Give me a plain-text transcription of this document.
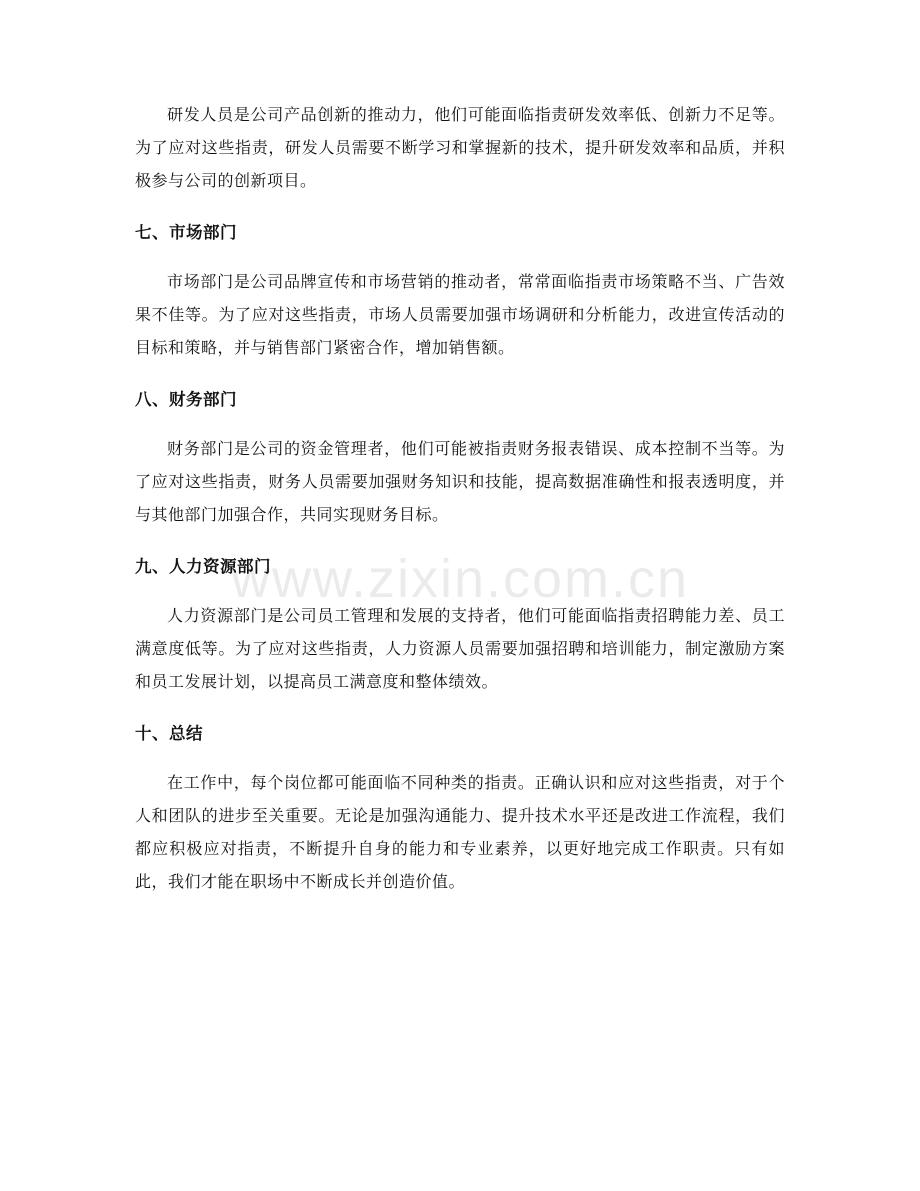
研发人员是公司产品创新的推动力，他们可能面临指责研发效率低、创新力不足等。为了应对这些指责，研发人员需要不断学习和掌握新的技术，提升研发效率和品质，并积极参与公司的创新项目。

七、市场部门

市场部门是公司品牌宣传和市场营销的推动者，常常面临指责市场策略不当、广告效果不佳等。为了应对这些指责，市场人员需要加强市场调研和分析能力，改进宣传活动的目标和策略，并与销售部门紧密合作，增加销售额。

八、财务部门

财务部门是公司的资金管理者，他们可能被指责财务报表错误、成本控制不当等。为了应对这些指责，财务人员需要加强财务知识和技能，提高数据准确性和报表透明度，并与其他部门加强合作，共同实现财务目标。

九、人力资源部门

人力资源部门是公司员工管理和发展的支持者，他们可能面临指责招聘能力差、员工满意度低等。为了应对这些指责，人力资源人员需要加强招聘和培训能力，制定激励方案和员工发展计划，以提高员工满意度和整体绩效。

十、总结

在工作中，每个岗位都可能面临不同种类的指责。正确认识和应对这些指责，对于个人和团队的进步至关重要。无论是加强沟通能力、提升技术水平还是改进工作流程，我们都应积极应对指责，不断提升自身的能力和专业素养，以更好地完成工作职责。只有如此，我们才能在职场中不断成长并创造价值。

www.zixin.com.cn
